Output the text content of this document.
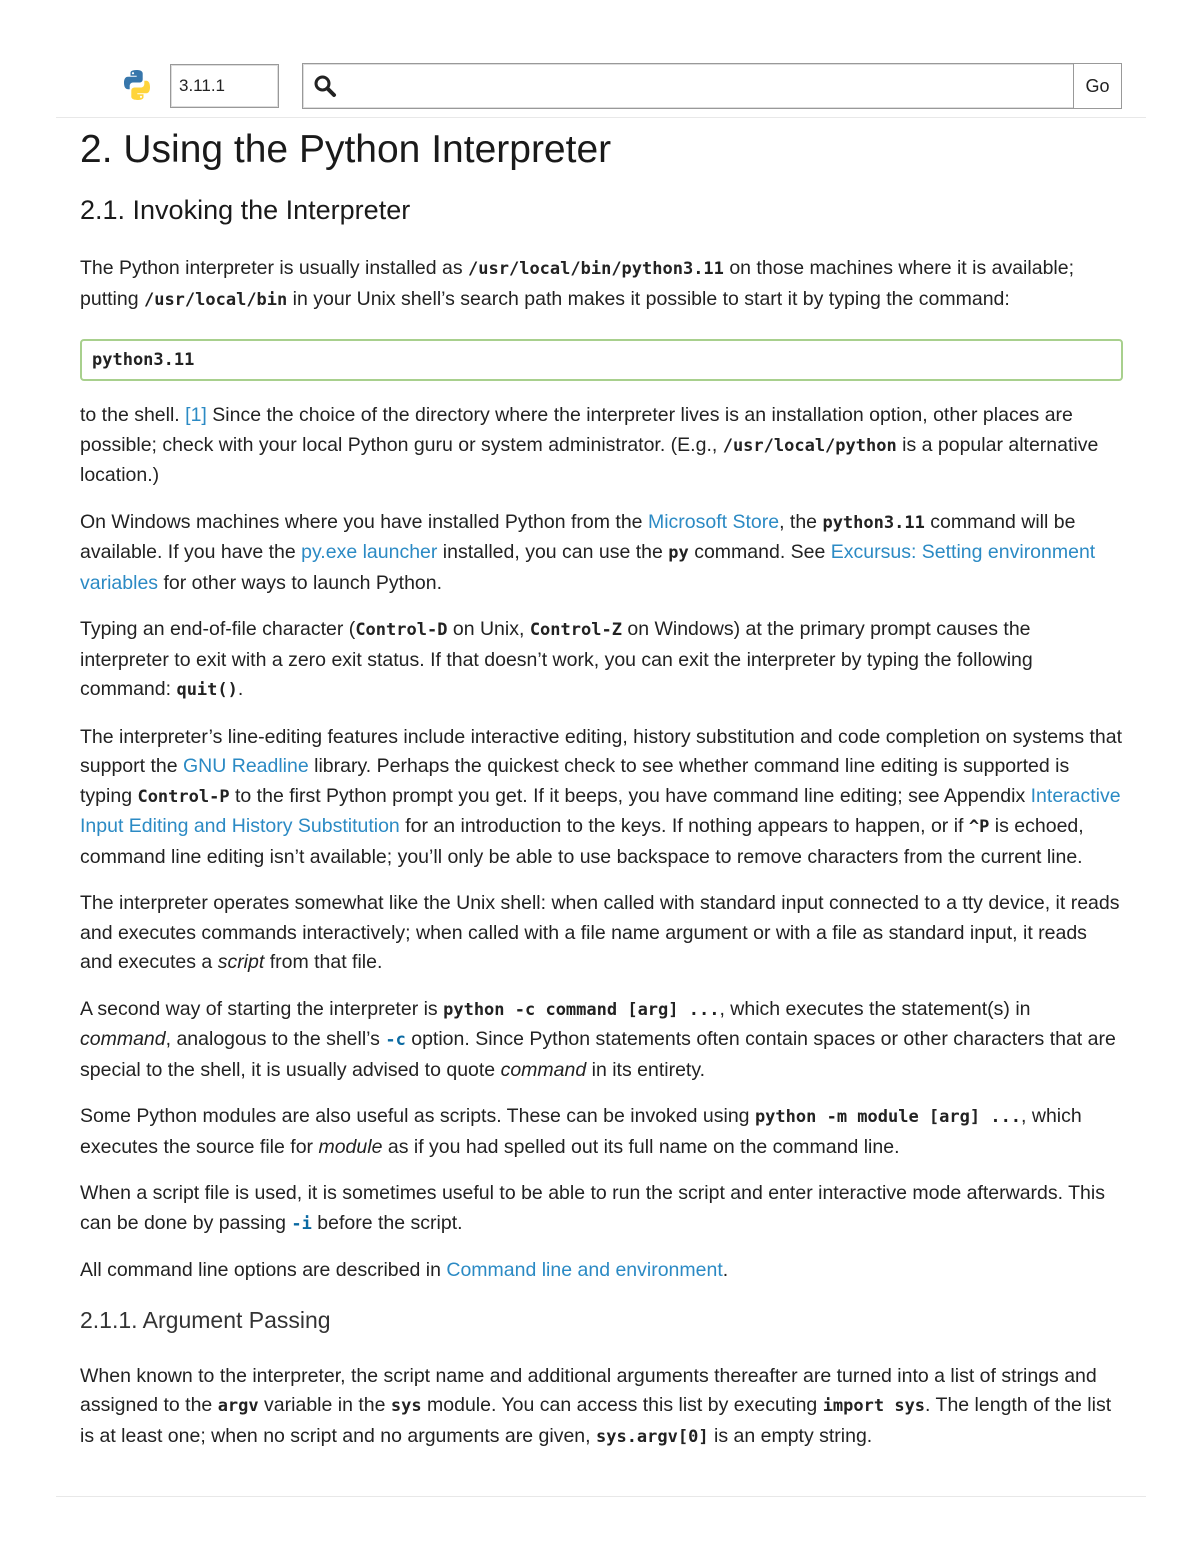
3.11.1	Go
2. Using the Python Interpreter
2.1. Invoking the Interpreter

The Python interpreter is usually installed as /usr/local/bin/python3.11 on those machines where it is available; putting /usr/local/bin in your Unix shell’s search path makes it possible to start it by typing the command:

python3.11

to the shell. [1] Since the choice of the directory where the interpreter lives is an installation option, other places are possible; check with your local Python guru or system administrator. (E.g., /usr/local/python is a popular alternative location.)

On Windows machines where you have installed Python from the Microsoft Store, the python3.11 command will be available. If you have the py.exe launcher installed, you can use the py command. See Excursus: Setting environment variables for other ways to launch Python.

Typing an end-of-file character (Control-D on Unix, Control-Z on Windows) at the primary prompt causes the interpreter to exit with a zero exit status. If that doesn’t work, you can exit the interpreter by typing the following command: quit().

The interpreter’s line-editing features include interactive editing, history substitution and code completion on systems that support the GNU Readline library. Perhaps the quickest check to see whether command line editing is supported is typing Control-P to the first Python prompt you get. If it beeps, you have command line editing; see Appendix Interactive Input Editing and History Substitution for an introduction to the keys. If nothing appears to happen, or if ^P is echoed, command line editing isn’t available; you’ll only be able to use backspace to remove characters from the current line.

The interpreter operates somewhat like the Unix shell: when called with standard input connected to a tty device, it reads and executes commands interactively; when called with a file name argument or with a file as standard input, it reads and executes a script from that file.

A second way of starting the interpreter is python -c command [arg] ..., which executes the statement(s) in command, analogous to the shell’s -c option. Since Python statements often contain spaces or other characters that are special to the shell, it is usually advised to quote command in its entirety.

Some Python modules are also useful as scripts. These can be invoked using python -m module [arg] ..., which executes the source file for module as if you had spelled out its full name on the command line.

When a script file is used, it is sometimes useful to be able to run the script and enter interactive mode afterwards. This can be done by passing -i before the script.

All command line options are described in Command line and environment.

2.1.1. Argument Passing

When known to the interpreter, the script name and additional arguments thereafter are turned into a list of strings and assigned to the argv variable in the sys module. You can access this list by executing import sys. The length of the list is at least one; when no script and no arguments are given, sys.argv[0] is an empty string.
